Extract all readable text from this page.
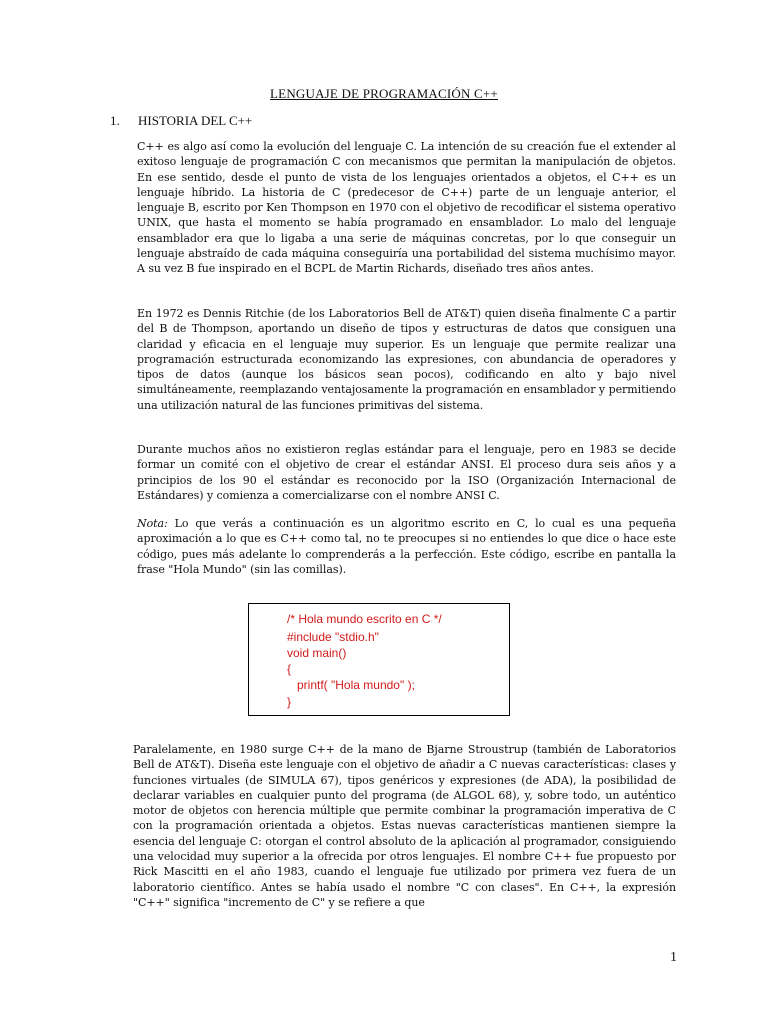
LENGUAJE DE PROGRAMACIÓN C++
1. HISTORIA DEL C++

C++ es algo así como la evolución del lenguaje C. La intención de su creación fue el extender al exitoso lenguaje de programación C con mecanismos que permitan la manipulación de objetos. En ese sentido, desde el punto de vista de los lenguajes orientados a objetos, el C++ es un lenguaje híbrido. La historia de C (predecesor de C++) parte de un lenguaje anterior, el lenguaje B, escrito por Ken Thompson en 1970 con el objetivo de recodificar el sistema operativo UNIX, que hasta el momento se había programado en ensamblador. Lo malo del lenguaje ensamblador era que lo ligaba a una serie de máquinas concretas, por lo que conseguir un lenguaje abstraído de cada máquina conseguiría una portabilidad del sistema muchísimo mayor. A su vez B fue inspirado en el BCPL de Martin Richards, diseñado tres años antes.

En 1972 es Dennis Ritchie (de los Laboratorios Bell de AT&T) quien diseña finalmente C a partir del B de Thompson, aportando un diseño de tipos y estructuras de datos que consiguen una claridad y eficacia en el lenguaje muy superior. Es un lenguaje que permite realizar una programación estructurada economizando las expresiones, con abundancia de operadores y tipos de datos (aunque los básicos sean pocos), codificando en alto y bajo nivel simultáneamente, reemplazando ventajosamente la programación en ensamblador y permitiendo una utilización natural de las funciones primitivas del sistema.

Durante muchos años no existieron reglas estándar para el lenguaje, pero en 1983 se decide formar un comité con el objetivo de crear el estándar ANSI. El proceso dura seis años y a principios de los 90 el estándar es reconocido por la ISO (Organización Internacional de Estándares) y comienza a comercializarse con el nombre ANSI C.

Nota: Lo que verás a continuación es un algoritmo escrito en C, lo cual es una pequeña aproximación a lo que es C++ como tal, no te preocupes si no entiendes lo que dice o hace este código, pues más adelante lo comprenderás a la perfección. Este código, escribe en pantalla la frase "Hola Mundo" (sin las comillas).

/* Hola mundo escrito en C */
#include "stdio.h"
void main()
{
printf( "Hola mundo" );
}

Paralelamente, en 1980 surge C++ de la mano de Bjarne Stroustrup (también de Laboratorios Bell de AT&T). Diseña este lenguaje con el objetivo de añadir a C nuevas características: clases y funciones virtuales (de SIMULA 67), tipos genéricos y expresiones (de ADA), la posibilidad de declarar variables en cualquier punto del programa (de ALGOL 68), y, sobre todo, un auténtico motor de objetos con herencia múltiple que permite combinar la programación imperativa de C con la programación orientada a objetos. Estas nuevas características mantienen siempre la esencia del lenguaje C: otorgan el control absoluto de la aplicación al programador, consiguiendo una velocidad muy superior a la ofrecida por otros lenguajes. El nombre C++ fue propuesto por Rick Mascitti en el año 1983, cuando el lenguaje fue utilizado por primera vez fuera de un laboratorio científico. Antes se había usado el nombre "C con clases". En C++, la expresión "C++" significa "incremento de C" y se refiere a que

1
